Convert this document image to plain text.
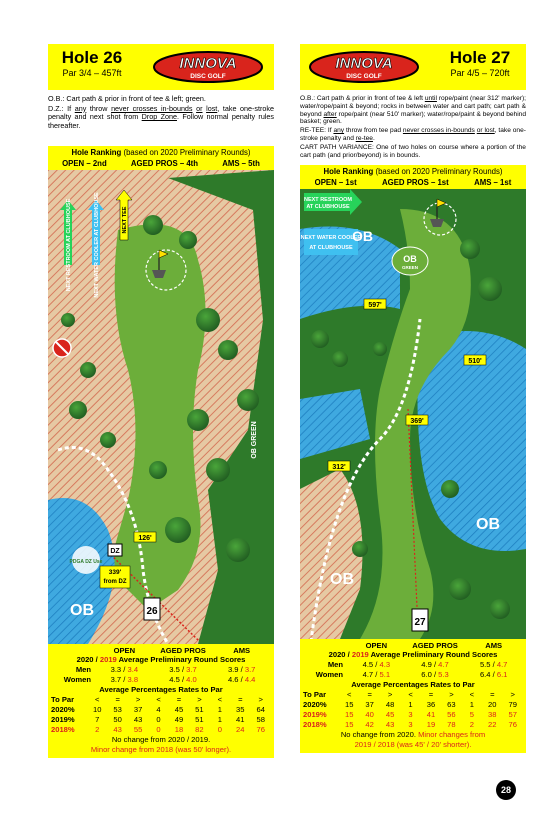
Hole 26
Par 3/4 – 457ft
INNOVA
DISC GOLF

O.B.: Cart path & prior in front of tee & left; green.

D.Z.: If any throw never crosses in-bounds or lost, take one-stroke penalty and next shot from Drop Zone. Follow normal penalty rules thereafter.

Hole Ranking (based on 2020 Preliminary Rounds)
OPEN – 2nd	AGED PROS – 4th	AMS – 5th
NEXT RESTROOM AT CLUBHOUSE	NEXT WATER COOLER AT CLUBHOUSE	NEXT TEE
OB GREEN
DZ
126'
PDGA DZ Use
339'
from DZ
OB	26
OPEN	AGED PROS	AMS
2020 / 2019 Average Preliminary Round Scores
Men	3.3 / 3.4	3.5 / 3.7	3.9 / 3.7
Women	3.7 / 3.8	4.5 / 4.0	4.6 / 4.4
Average Percentages Rates to Par
To Par	<	=	>	<	=	>	<	=	>
2020%	10	53	37	4	45	51	1	35	64
2019%	7	50	43	0	49	51	1	41	58
2018%	2	43	55	0	18	82	0	24	76
No change from 2020 / 2019.
Minor change from 2018 (was 50' longer).
INNOVA
DISC GOLF
Hole 27
Par 4/5 – 720ft

O.B.: Cart path & prior in front of tee & left until rope/paint (near 312' marker); water/rope/paint & beyond; rocks in between water and cart path; cart path & beyond after rope/paint (near 510' marker); water/rope/paint & beyond behind basket; green.

RE-TEE: If any throw from tee pad never crosses in-bounds or lost, take one-stroke penalty and re-tee.

CART PATH VARIANCE: One of two holes on course where a portion of the cart path (and prior/beyond) is in bounds.

Hole Ranking (based on 2020 Preliminary Rounds)
OPEN – 1st	AGED PROS – 1st	AMS – 1st
NEXT RESTROOM
AT CLUBHOUSE
NEXT WATER COOLER
AT CLUBHOUSE
OB
OB
GREEN
597'
510'
369'
312'
OB
OB
27
OPEN	AGED PROS	AMS
2020 / 2019 Average Preliminary Round Scores
Men	4.5 / 4.3	4.9 / 4.7	5.5 / 4.7
Women	4.7 / 5.1	6.0 / 5.3	6.4 / 6.1
Average Percentages Rates to Par
To Par	<	=	>	<	=	>	<	=	>
2020%	15	37	48	1	36	63	1	20	79
2019%	15	40	45	3	41	56	5	38	57
2018%	15	42	43	3	19	78	2	22	76
No change from 2020. Minor changes from
2019 / 2018 (was 45' / 20' shorter).
28
